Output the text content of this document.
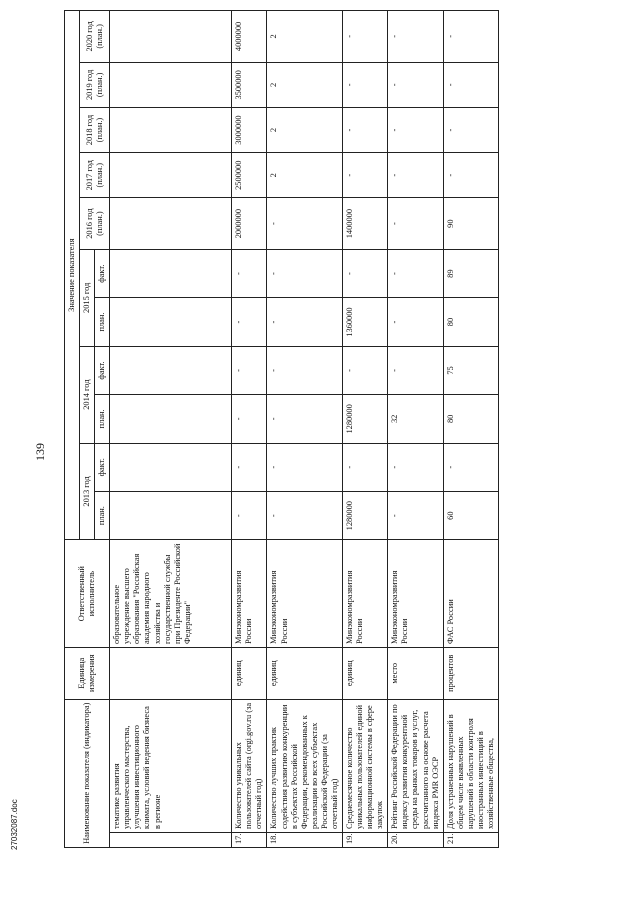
139
27032087.doc	Наименование показателя (индикатора)		Единица измерения	Ответственный исполнитель	Значение показателя										
				2013 год		2014 год		2015 год		2016 год (план.)	2017 год (план.)	2018 год (план.)	2019 год (план.)	2020 год (план.)
				план.	факт.	план.	факт.	план.	факт.					
	тематике развития управленческого мастерства, улучшения инвестиционного климата, условий ведения бизнеса в регионе		образовательное учреждение высшего образования "Российская академия народного хозяйства и государственной службы при Президенте Российской Федерации"											
17.	Количество уникальных пользователей сайта (orgi.gov.ru (за отчетный год)	единиц	Минэкономразвития России	-	-	-	-	-	-	2000000	2500000	3000000	3500000	4000000
18.	Количество лучших практик содействия развитию конкуренции в субъектах Российской Федерации, рекомендованных к реализации во всех субъектах Российской Федерации (за отчетный год)	единиц	Минэкономразвития России	-	-	-	-	-	-	-	2	2	2	2
19.	Среднемесячное количество уникальных пользователей единой информационной системы в сфере закупок	единиц	Минэкономразвития России	1280000	-	1280000	-	1360000	-	1400000	-	-	-	-
20.	Рейтинг Российской Федерации по индексу развития конкурентной среды на рынках товаров и услуг, рассчитанного на основе расчета индекса PMR ОЭСР	место	Минэкономразвития России	-	-	32	-	-	-	-	-	-	-	-
21.	Доля устраненных нарушений в общем числе выявленных нарушений в области контроля иностранных инвестиций в хозяйственные общества,	процентов	ФАС России	60	-	80	75	80	89	90	-	-	-	-
